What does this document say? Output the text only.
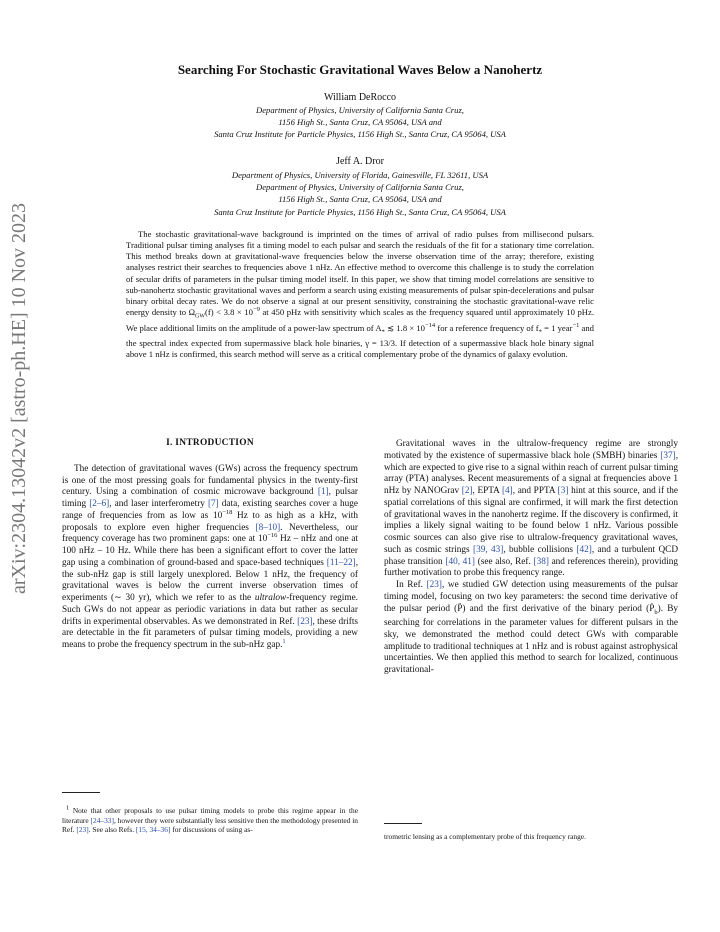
arXiv:2304.13042v2 [astro-ph.HE] 10 Nov 2023
Searching For Stochastic Gravitational Waves Below a Nanohertz
William DeRocco
Department of Physics, University of California Santa Cruz,
1156 High St., Santa Cruz, CA 95064, USA and
Santa Cruz Institute for Particle Physics, 1156 High St., Santa Cruz, CA 95064, USA
Jeff A. Dror
Department of Physics, University of Florida, Gainesville, FL 32611, USA
Department of Physics, University of California Santa Cruz,
1156 High St., Santa Cruz, CA 95064, USA and
Santa Cruz Institute for Particle Physics, 1156 High St., Santa Cruz, CA 95064, USA

The stochastic gravitational-wave background is imprinted on the times of arrival of radio pulses from millisecond pulsars. Traditional pulsar timing analyses fit a timing model to each pulsar and search the residuals of the fit for a stationary time correlation. This method breaks down at gravitational-wave frequencies below the inverse observation time of the array; therefore, existing analyses restrict their searches to frequencies above 1 nHz. An effective method to overcome this challenge is to study the correlation of secular drifts of parameters in the pulsar timing model itself. In this paper, we show that timing model correlations are sensitive to sub-nanohertz stochastic gravitational waves and perform a search using existing measurements of pulsar spin-decelerations and pulsar binary orbital decay rates. We do not observe a signal at our present sensitivity, constraining the stochastic gravitational-wave relic energy density to $\Omega_{GW}(f) < 3.8 \times 10^{-9}$ at 450 pHz with sensitivity which scales as the frequency squared until approximately 10 pHz. We place additional limits on the amplitude of a power-law spectrum of $A_*$ ≲ $1.8 \times 10^{-14}$ for a reference frequency of $f_* = 1$ year$^{-1}$ and the spectral index expected from supermassive black hole binaries, γ = 13/3. If detection of a supermassive black hole binary signal above 1 nHz is confirmed, this search method will serve as a critical complementary probe of the dynamics of galaxy evolution.

I. INTRODUCTION

The detection of gravitational waves (GWs) across the frequency spectrum is one of the most pressing goals for fundamental physics in the twenty-first century. Using a combination of cosmic microwave background [1], pulsar timing [2–6], and laser interferometry [7] data, existing searches cover a huge range of frequencies from as low as $10^{-18}$ Hz to as high as a kHz, with proposals to explore even higher frequencies [8–10]. Nevertheless, our frequency coverage has two prominent gaps: one at $10^{-16}$ Hz – nHz and one at 100 nHz – 10 Hz. While there has been a significant effort to cover the latter gap using a combination of ground-based and space-based techniques [11–22], the sub-nHz gap is still largely unexplored. Below 1 nHz, the frequency of gravitational waves is below the current inverse observation times of experiments (∼ 30 yr), which we refer to as the ultralow-frequency regime. Such GWs do not appear as periodic variations in data but rather as secular drifts in experimental observables. As we demonstrated in Ref. [23], these drifts are detectable in the fit parameters of pulsar timing models, providing a new means to probe the frequency spectrum in the sub-nHz gap.$^1$

Gravitational waves in the ultralow-frequency regime are strongly motivated by the existence of supermassive black hole (SMBH) binaries [37], which are expected to give rise to a signal within reach of current pulsar timing array (PTA) analyses. Recent measurements of a signal at frequencies above 1 nHz by NANOGrav [2], EPTA [4], and PPTA [3] hint at this source, and if the spatial correlations of this signal are confirmed, it will mark the first detection of gravitational waves in the nanohertz regime. If the discovery is confirmed, it implies a likely signal waiting to be found below 1 nHz. Various possible cosmic sources can also give rise to ultralow-frequency gravitational waves, such as cosmic strings [39, 43], bubble collisions [42], and a turbulent QCD phase transition [40, 41] (see also, Ref. [38] and references therein), providing further motivation to probe this frequency range.

In Ref. [23], we studied GW detection using measurements of the pulsar timing model, focusing on two key parameters: the second time derivative of the pulsar period (P̈) and the first derivative of the binary period (Ṗ$_b$). By searching for correlations in the parameter values for different pulsars in the sky, we demonstrated the method could detect GWs with comparable amplitude to traditional techniques at 1 nHz and is robust against astrophysical uncertainties. We then applied this method to search for localized, continuous gravitational-

$^1$ Note that other proposals to use pulsar timing models to probe this regime appear in the literature [24–33], however they were substantially less sensitive then the methodology presented in Ref. [23]. See also Refs. [15, 34–36] for discussions of using as-
trometric lensing as a complementary probe of this frequency range.
